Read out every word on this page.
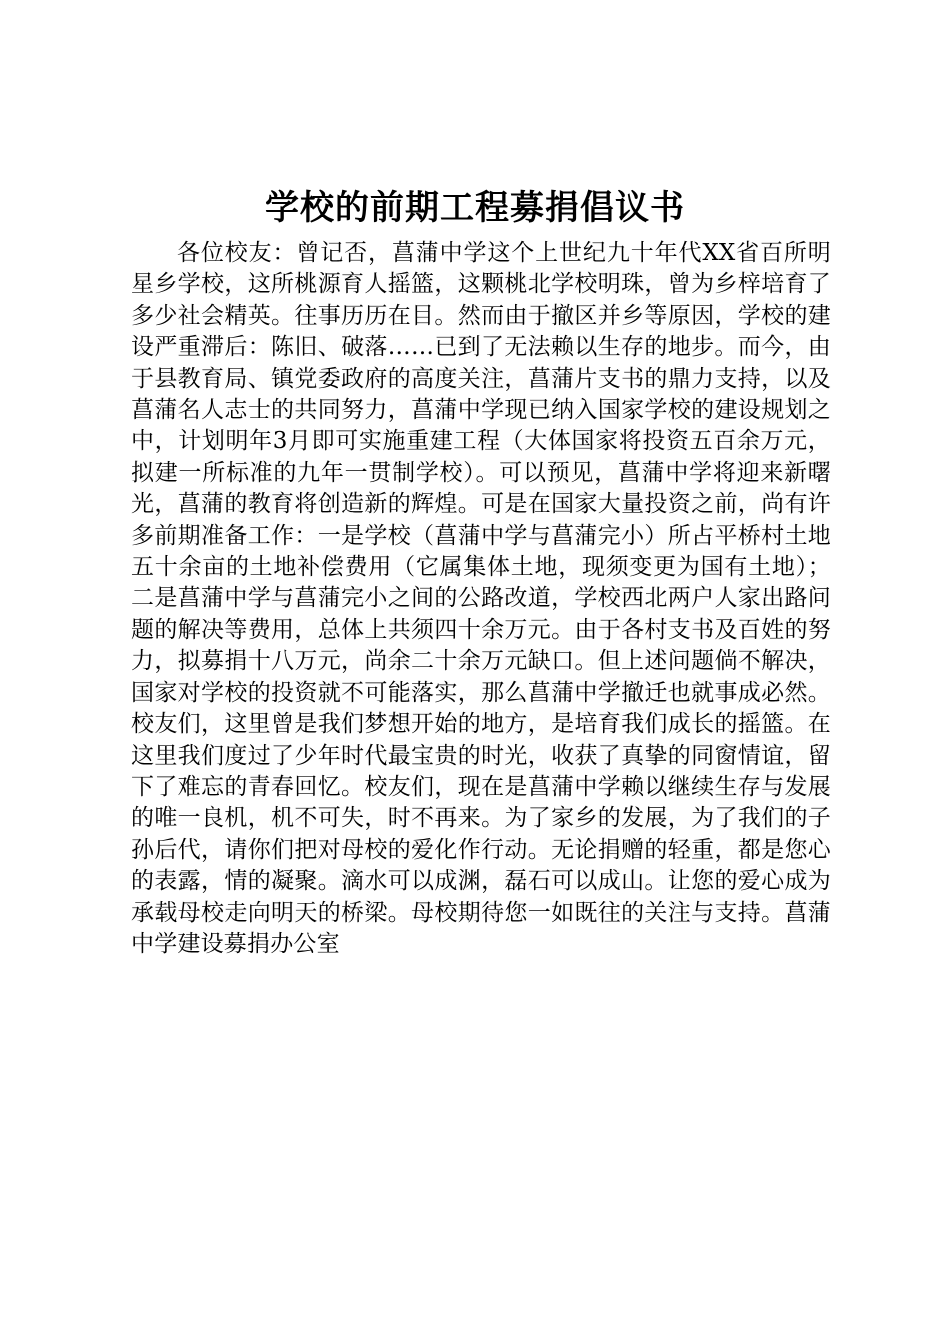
学校的前期工程募捐倡议书

各位校友：曾记否，菖蒲中学这个上世纪九十年代XX省百所明星乡学校，这所桃源育人摇篮，这颗桃北学校明珠，曾为乡梓培育了多少社会精英。往事历历在目。然而由于撤区并乡等原因，学校的建设严重滞后：陈旧、破落……已到了无法赖以生存的地步。而今，由于县教育局、镇党委政府的高度关注，菖蒲片支书的鼎力支持，以及菖蒲名人志士的共同努力，菖蒲中学现已纳入国家学校的建设规划之中，计划明年3月即可实施重建工程（大体国家将投资五百余万元，拟建一所标准的九年一贯制学校）。可以预见，菖蒲中学将迎来新曙光，菖蒲的教育将创造新的辉煌。可是在国家大量投资之前，尚有许多前期准备工作：一是学校（菖蒲中学与菖蒲完小）所占平桥村土地五十余亩的土地补偿费用（它属集体土地，现须变更为国有土地）；二是菖蒲中学与菖蒲完小之间的公路改道，学校西北两户人家出路问题的解决等费用，总体上共须四十余万元。由于各村支书及百姓的努力，拟募捐十八万元，尚余二十余万元缺口。但上述问题倘不解决，国家对学校的投资就不可能落实，那么菖蒲中学撤迁也就事成必然。校友们，这里曾是我们梦想开始的地方，是培育我们成长的摇篮。在这里我们度过了少年时代最宝贵的时光，收获了真挚的同窗情谊，留下了难忘的青春回忆。校友们，现在是菖蒲中学赖以继续生存与发展的唯一良机，机不可失，时不再来。为了家乡的发展，为了我们的子孙后代，请你们把对母校的爱化作行动。无论捐赠的轻重，都是您心的表露，情的凝聚。滴水可以成渊，磊石可以成山。让您的爱心成为承载母校走向明天的桥梁。母校期待您一如既往的关注与支持。菖蒲中学建设募捐办公室
